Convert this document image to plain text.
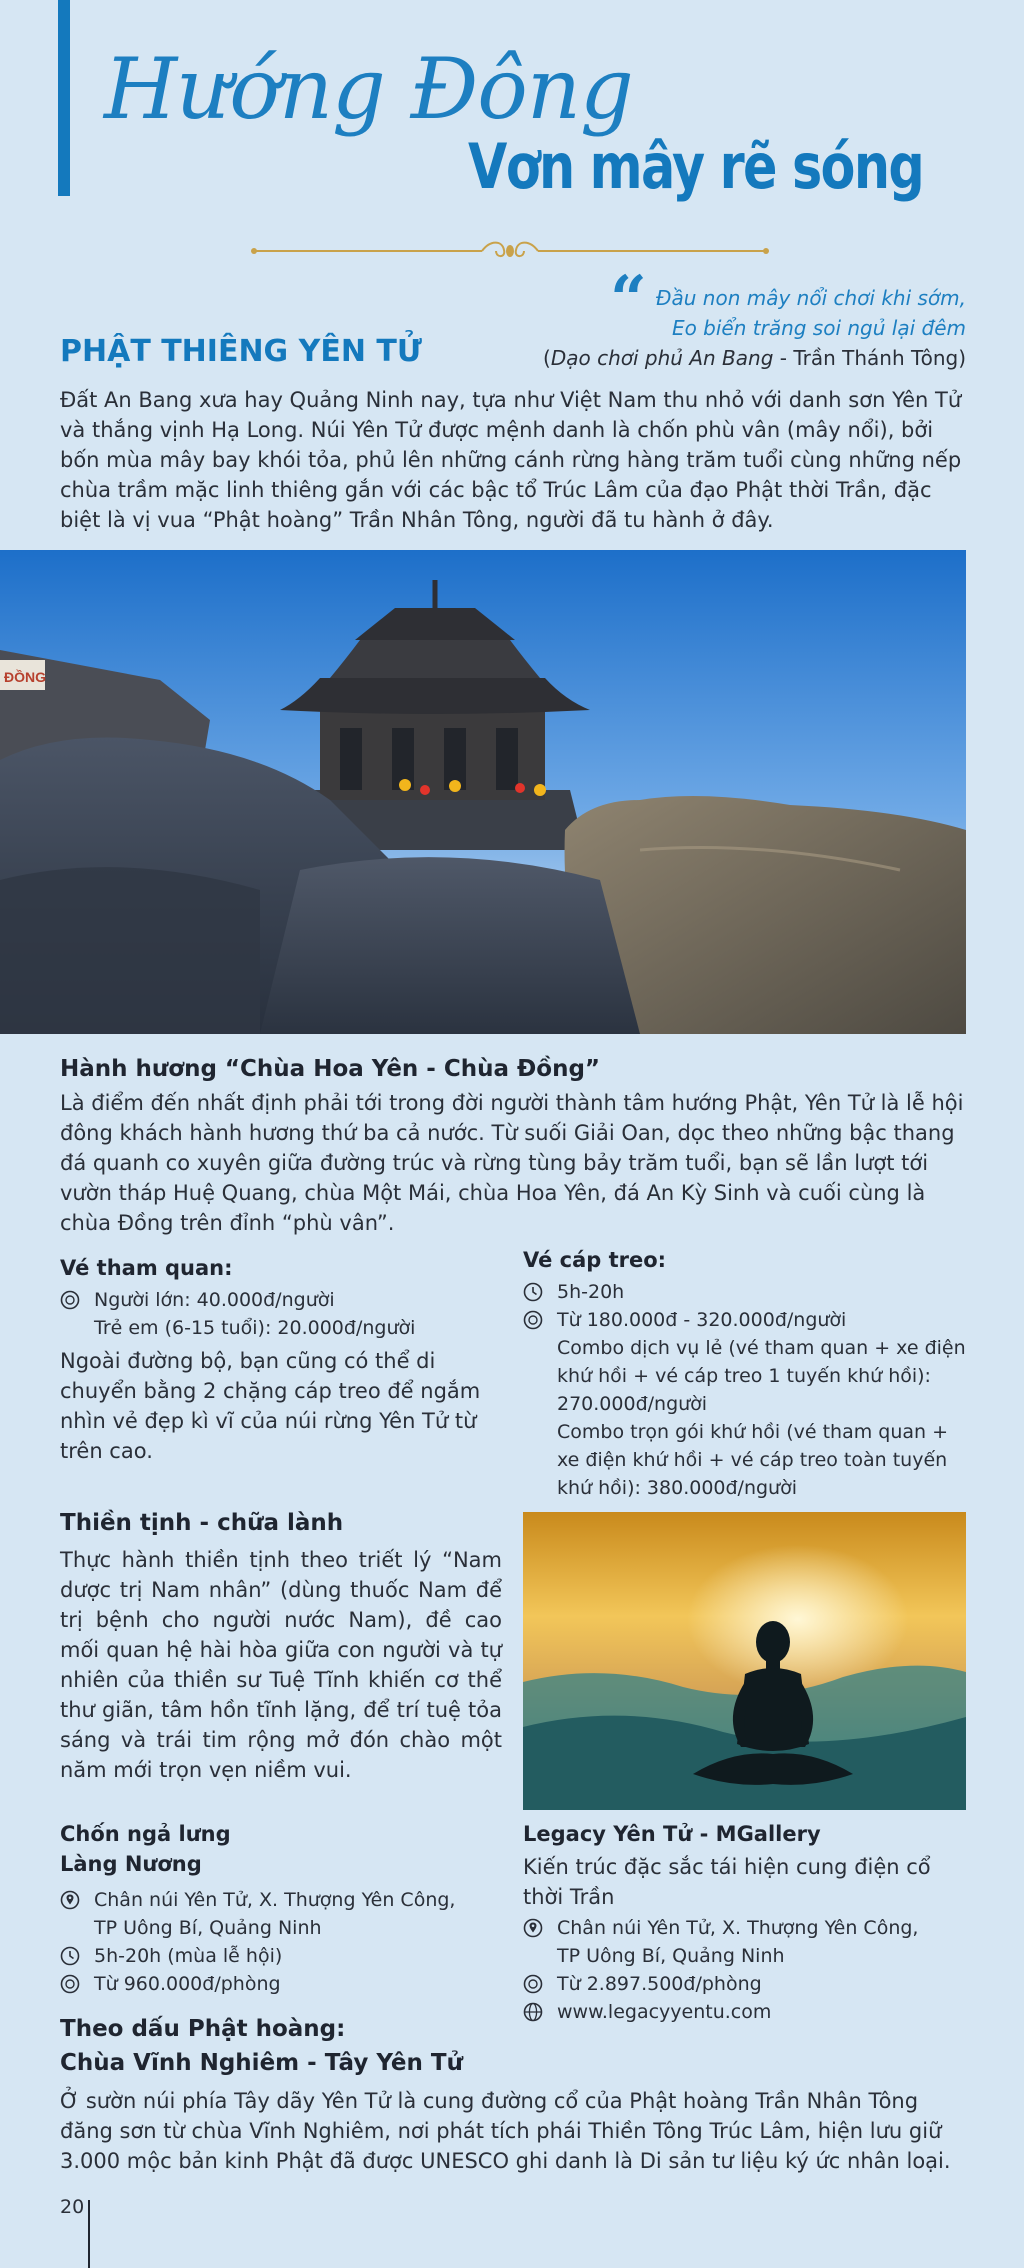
Hướng Đông
Vơn mây rẽ sóng
“ Đầu non mây nổi chơi khi sớm,
Eo biển trăng soi ngủ lại đêm
(Dạo chơi phủ An Bang - Trần Thánh Tông)
PHẬT THIÊNG YÊN TỬ
Đất An Bang xưa hay Quảng Ninh nay, tựa như Việt Nam thu nhỏ với danh sơn Yên Tử và thắng vịnh Hạ Long. Núi Yên Tử được mệnh danh là chốn phù vân (mây nổi), bởi bốn mùa mây bay khói tỏa, phủ lên những cánh rừng hàng trăm tuổi cùng những nếp chùa trầm mặc linh thiêng gắn với các bậc tổ Trúc Lâm của đạo Phật thời Trần, đặc biệt là vị vua “Phật hoàng” Trần Nhân Tông, người đã tu hành ở đây.
ĐỒNG
Hành hương “Chùa Hoa Yên - Chùa Đồng”
Là điểm đến nhất định phải tới trong đời người thành tâm hướng Phật, Yên Tử là lễ hội đông khách hành hương thứ ba cả nước. Từ suối Giải Oan, dọc theo những bậc thang đá quanh co xuyên giữa đường trúc và rừng tùng bảy trăm tuổi, bạn sẽ lần lượt tới vườn tháp Huệ Quang, chùa Một Mái, chùa Hoa Yên, đá An Kỳ Sinh và cuối cùng là chùa Đồng trên đỉnh “phù vân”.
Vé tham quan:
Người lớn: 40.000đ/người
Trẻ em (6-15 tuổi): 20.000đ/người
Ngoài đường bộ, bạn cũng có thể di chuyển bằng 2 chặng cáp treo để ngắm nhìn vẻ đẹp kì vĩ của núi rừng Yên Tử từ trên cao.
Vé cáp treo:
5h-20h
Từ 180.000đ - 320.000đ/người
Combo dịch vụ lẻ (vé tham quan + xe điện khứ hồi + vé cáp treo 1 tuyến khứ hồi): 270.000đ/người
Combo trọn gói khứ hồi (vé tham quan + xe điện khứ hồi + vé cáp treo toàn tuyến khứ hồi): 380.000đ/người
Thiền tịnh - chữa lành
Thực hành thiền tịnh theo triết lý “Nam dược trị Nam nhân” (dùng thuốc Nam để trị bệnh cho người nước Nam), đề cao mối quan hệ hài hòa giữa con người và tự nhiên của thiền sư Tuệ Tĩnh khiến cơ thể thư giãn, tâm hồn tĩnh lặng, để trí tuệ tỏa sáng và trái tim rộng mở đón chào một năm mới trọn vẹn niềm vui.
Chốn ngả lưng
Làng Nương
Chân núi Yên Tử, X. Thượng Yên Công,
TP Uông Bí, Quảng Ninh
5h-20h (mùa lễ hội)
Từ 960.000đ/phòng
Legacy Yên Tử - MGallery
Kiến trúc đặc sắc tái hiện cung điện cổ thời Trần
Chân núi Yên Tử, X. Thượng Yên Công,
TP Uông Bí, Quảng Ninh
Từ 2.897.500đ/phòng
www.legacyyentu.com
Theo dấu Phật hoàng:
Chùa Vĩnh Nghiêm - Tây Yên Tử
Ở sườn núi phía Tây dãy Yên Tử là cung đường cổ của Phật hoàng Trần Nhân Tông đăng sơn từ chùa Vĩnh Nghiêm, nơi phát tích phái Thiền Tông Trúc Lâm, hiện lưu giữ 3.000 mộc bản kinh Phật đã được UNESCO ghi danh là Di sản tư liệu ký ức nhân loại.
20
